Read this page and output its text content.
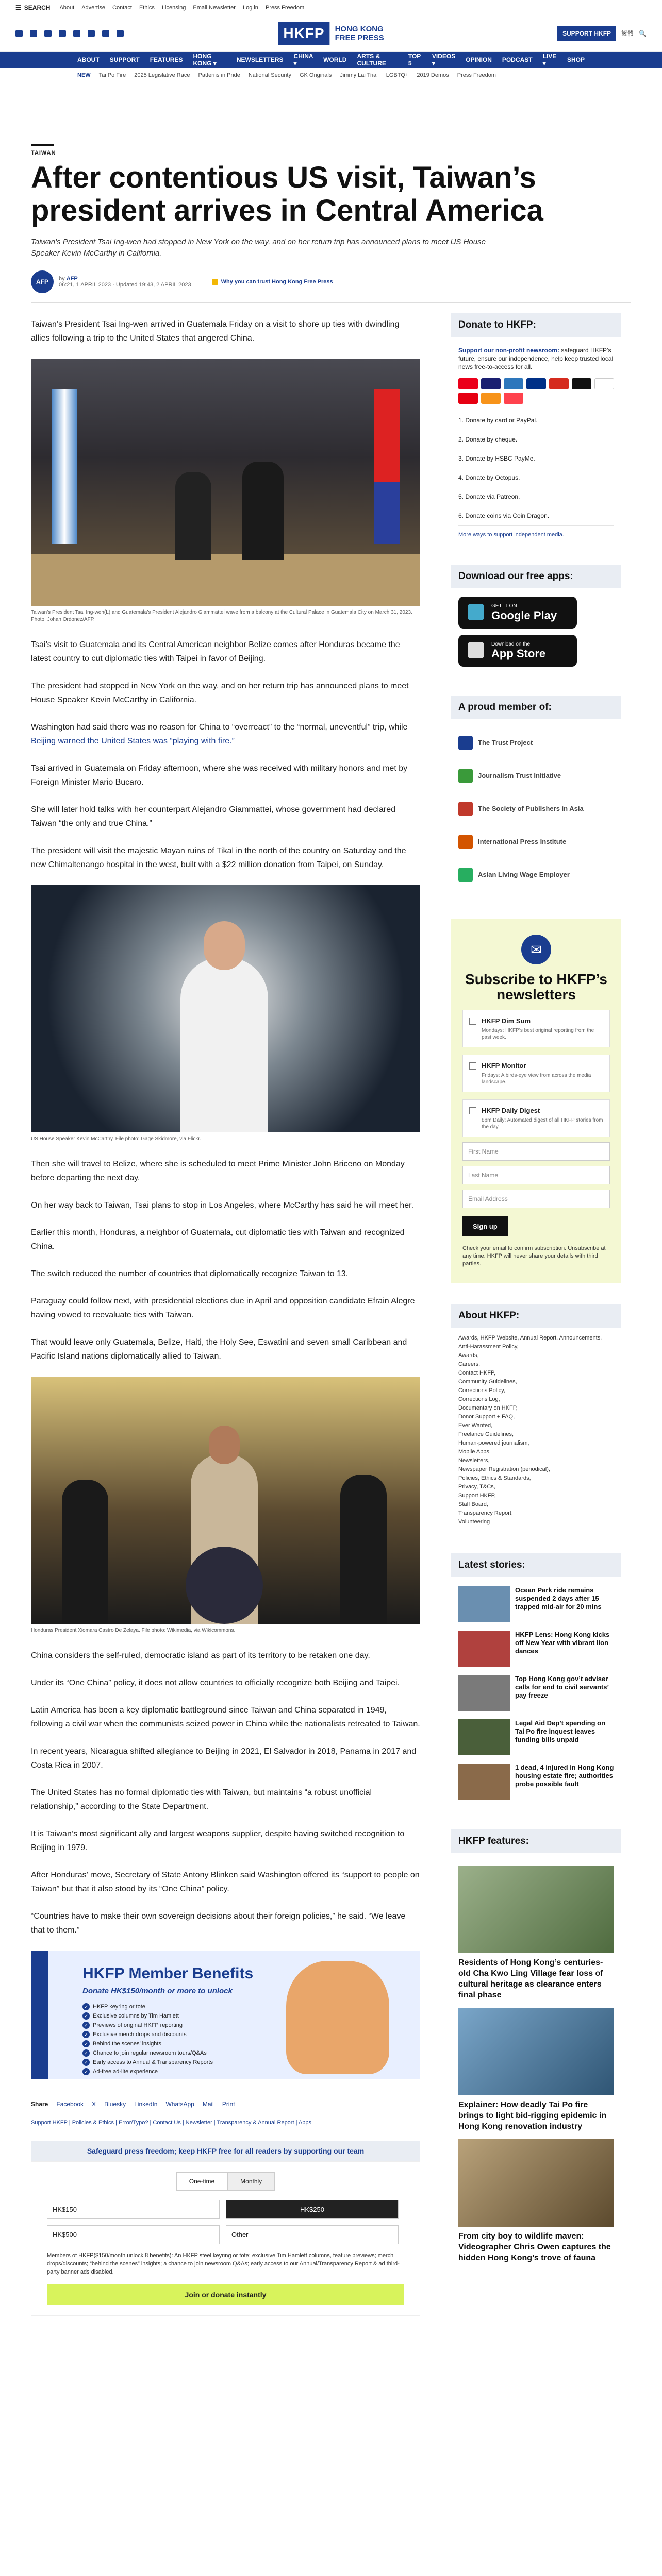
☰ SEARCH About Advertise Contact Ethics Licensing Email Newsletter Log in Press Freedom
HKFP	HONG KONG
FREE PRESS	SUPPORT HKFP	繁體 🔍
ABOUT SUPPORT FEATURES HONG KONG ▾	NEWSLETTERS CHINA ▾	WORLD ARTS & CULTURE
TOP 5
VIDEOS ▾	OPINION PODCAST LIVE ▾	SHOP
NEW Tai Po Fire 2025 Legislative Race Patterns in Pride National Security GK Originals Jimmy Lai Trial LGBTQ+ 2019 Demos Press Freedom
TAIWAN
After contentious US visit, Taiwan’s president arrives in Central America
Taiwan’s President Tsai Ing-wen had stopped in New York on the way, and on her return trip has announced plans to meet US House Speaker Kevin McCarthy in California.
AFP	by AFP
06:21, 1 APRIL 2023 · Updated 19:43, 2 APRIL 2023	Why you can trust Hong Kong Free Press

Taiwan’s President Tsai Ing-wen arrived in Guatemala Friday on a visit to shore up ties with dwindling allies following a trip to the United States that angered China.

Taiwan’s President Tsai Ing-wen(L) and Guatemala’s President Alejandro Giammattei wave from a balcony at the Cultural Palace in Guatemala City on March 31, 2023. Photo: Johan Ordonez/AFP.

Tsai’s visit to Guatemala and its Central American neighbor Belize comes after Honduras became the latest country to cut diplomatic ties with Taipei in favor of Beijing.

The president had stopped in New York on the way, and on her return trip has announced plans to meet House Speaker Kevin McCarthy in California.

Washington had said there was no reason for China to “overreact” to the “normal, uneventful” trip, while Beijing warned the United States was “playing with fire.”

Tsai arrived in Guatemala on Friday afternoon, where she was received with military honors and met by Foreign Minister Mario Bucaro.

She will later hold talks with her counterpart Alejandro Giammattei, whose government had declared Taiwan “the only and true China.”

The president will visit the majestic Mayan ruins of Tikal in the north of the country on Saturday and the new Chimaltenango hospital in the west, built with a $22 million donation from Taipei, on Sunday.

US House Speaker Kevin McCarthy. File photo: Gage Skidmore, via Flickr.

Then she will travel to Belize, where she is scheduled to meet Prime Minister John Briceno on Monday before departing the next day.

On her way back to Taiwan, Tsai plans to stop in Los Angeles, where McCarthy has said he will meet her.

Earlier this month, Honduras, a neighbor of Guatemala, cut diplomatic ties with Taiwan and recognized China.

The switch reduced the number of countries that diplomatically recognize Taiwan to 13.

Paraguay could follow next, with presidential elections due in April and opposition candidate Efrain Alegre having vowed to reevaluate ties with Taiwan.

That would leave only Guatemala, Belize, Haiti, the Holy See, Eswatini and seven small Caribbean and Pacific Island nations diplomatically allied to Taiwan.

Honduras President Xiomara Castro De Zelaya. File photo: Wikimedia, via Wikicommons.

China considers the self-ruled, democratic island as part of its territory to be retaken one day.

Under its “One China” policy, it does not allow countries to officially recognize both Beijing and Taipei.

Latin America has been a key diplomatic battleground since Taiwan and China separated in 1949, following a civil war when the communists seized power in China while the nationalists retreated to Taiwan.

In recent years, Nicaragua shifted allegiance to Beijing in 2021, El Salvador in 2018, Panama in 2017 and Costa Rica in 2007.

The United States has no formal diplomatic ties with Taiwan, but maintains “a robust unofficial relationship,” according to the State Department.

It is Taiwan’s most significant ally and largest weapons supplier, despite having switched recognition to Beijing in 1979.

After Honduras’ move, Secretary of State Antony Blinken said Washington offered its “support to people on Taiwan” but that it also stood by its “One China” policy.

“Countries have to make their own sovereign decisions about their foreign policies,” he said. “We leave that to them.”

HKFP Member Benefits
Donate HK$150/month or more to unlock
✓ HKFP keyring or tote
✓ Exclusive columns by Tim Hamlett
✓ Previews of original HKFP reporting
✓ Exclusive merch drops and discounts
✓ Behind the scenes’ insights
✓ Chance to join regular newsroom tours/Q&As
✓ Early access to Annual & Transparency Reports
✓ Ad-free ad-lite experience
Share Facebook X Bluesky LinkedIn WhatsApp Mail Print
Support HKFP | Policies & Ethics | Error/Typo? | Contact Us | Newsletter | Transparency & Annual Report | Apps
Safeguard press freedom; keep HKFP free for all readers by supporting our team
One-time	Monthly
HK$150	HK$250
HK$500	Other
Members of HKFP($150/month unlock 8 benefits): An HKFP steel keyring or tote; exclusive Tim Hamlett columns, feature previews; merch drops/discounts; “behind the scenes” insights; a chance to join newsroom Q&As; early access to our Annual/Transparency Report & ad third-party banner ads disabled.
Join or donate instantly
Donate to HKFP:
Support our non-profit newsroom: safeguard HKFP’s future, ensure our independence, help keep trusted local news free-to-access for all.
1. Donate by card or PayPal.
2. Donate by cheque.
3. Donate by HSBC PayMe.
4. Donate by Octopus.
5. Donate via Patreon.
6. Donate coins via Coin Dragon.
More ways to support independent media.
Download our free apps:
GET IT ON
Google Play
Download on the
App Store
A proud member of:
The Trust Project
Journalism Trust Initiative
The Society of Publishers in Asia
International Press Institute
Asian Living Wage Employer
✉
Subscribe to HKFP’s newsletters
HKFP Dim Sum

Mondays: HKFP’s best original reporting from the past week.

HKFP Monitor

Fridays: A birds-eye view from across the media landscape.

HKFP Daily Digest

8pm Daily: Automated digest of all HKFP stories from the day.

First Name
Last Name
Email Address
Sign up
Check your email to confirm subscription. Unsubscribe at any time. HKFP will never share your details with third parties.
About HKFP:
Awards, HKFP Website, Annual Report, Announcements, Anti-Harassment Policy,
Awards,
Careers,
Contact HKFP,
Community Guidelines,
Corrections Policy,
Corrections Log,
Documentary on HKFP,
Donor Support + FAQ,
Ever Wanted,
Freelance Guidelines,
Human-powered journalism,
Mobile Apps,
Newsletters,
Newspaper Registration (periodical),
Policies, Ethics & Standards,
Privacy, T&Cs,
Support HKFP,
Staff Board,
Transparency Report,
Volunteering
Latest stories:
Ocean Park ride remains suspended 2 days after 15 trapped mid-air for 20 mins
HKFP Lens: Hong Kong kicks off New Year with vibrant lion dances
Top Hong Kong gov’t adviser calls for end to civil servants’ pay freeze
Legal Aid Dep’t spending on Tai Po fire inquest leaves funding bills unpaid
1 dead, 4 injured in Hong Kong housing estate fire; authorities probe possible fault
HKFP features:
Residents of Hong Kong’s centuries-old Cha Kwo Ling Village fear loss of cultural heritage as clearance enters final phase
Explainer: How deadly Tai Po fire brings to light bid-rigging epidemic in Hong Kong renovation industry
From city boy to wildlife maven: Videographer Chris Owen captures the hidden Hong Kong’s trove of fauna
